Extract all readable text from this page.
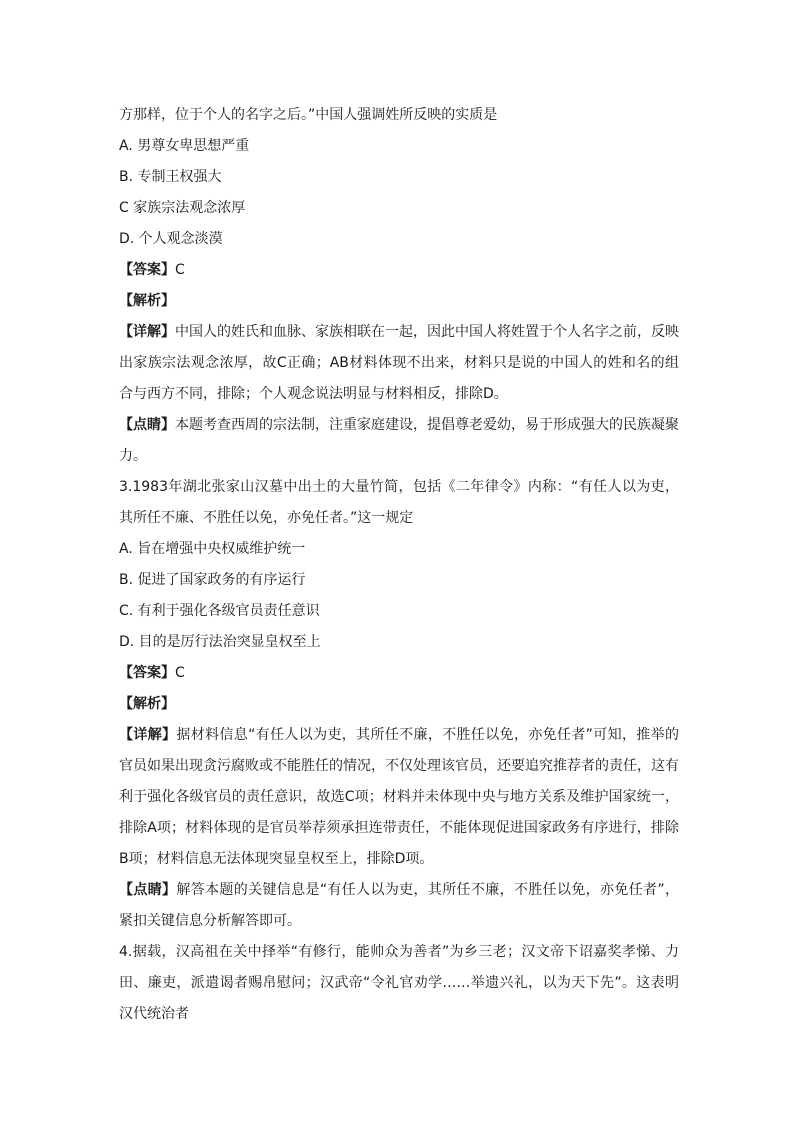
方那样，位于个人的名字之后。”中国人强调姓所反映的实质是

A. 男尊女卑思想严重

B. 专制王权强大

C 家族宗法观念浓厚

D. 个人观念淡漠

【答案】C

【解析】

【详解】中国人的姓氏和血脉、家族相联在一起，因此中国人将姓置于个人名字之前，反映出家族宗法观念浓厚，故C正确；AB材料体现不出来，材料只是说的中国人的姓和名的组合与西方不同，排除；个人观念说法明显与材料相反，排除D。

【点睛】本题考查西周的宗法制，注重家庭建设，提倡尊老爱幼，易于形成强大的民族凝聚力。

3.1983年湖北张家山汉墓中出土的大量竹简，包括《二年律令》内称：“有任人以为吏，其所任不廉、不胜任以免，亦免任者。”这一规定

A. 旨在增强中央权威维护统一

B. 促进了国家政务的有序运行

C. 有利于强化各级官员责任意识

D. 目的是厉行法治突显皇权至上

【答案】C

【解析】

【详解】据材料信息“有任人以为吏，其所任不廉，不胜任以免，亦免任者”可知，推举的官员如果出现贪污腐败或不能胜任的情况，不仅处理该官员，还要追究推荐者的责任，这有利于强化各级官员的责任意识，故选C项；材料并未体现中央与地方关系及维护国家统一，排除A项；材料体现的是官员举荐须承担连带责任，不能体现促进国家政务有序进行，排除B项；材料信息无法体现突显皇权至上，排除D项。

【点睛】解答本题的关键信息是“有任人以为吏，其所任不廉，不胜任以免，亦免任者”，紧扣关键信息分析解答即可。

4.据载，汉高祖在关中择举“有修行，能帅众为善者”为乡三老；汉文帝下诏嘉奖孝悌、力田、廉吏，派遣谒者赐帛慰问；汉武帝“令礼官劝学……举遗兴礼，以为天下先”。这表明汉代统治者
